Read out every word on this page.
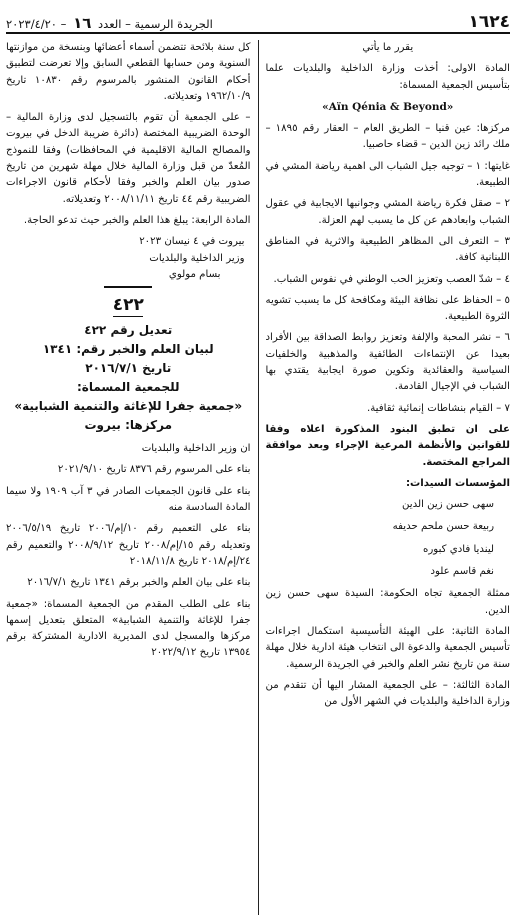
١٦٢٤
الجريدة الرسمية – العدد ١٦ – ٢٠٢٣/٤/٢٠

يقرر ما يأتي

المادة الاولى: أخذت وزارة الداخلية والبلديات علما بتأسيس الجمعية المسماة:

«Aïn Qénia & Beyond»

مركزها: عين قنيا – الطريق العام – العقار رقم ١٨٩٥ – ملك رائد زين الدين – قضاء حاصبيا.

غايتها: ١ – توجيه جيل الشباب الى اهمية رياضة المشي في الطبيعة.

٢ – صقل فكرة رياضة المشي وجوانبها الايجابية في عقول الشباب وابعادهم عن كل ما يسبب لهم العزلة.

٣ – التعرف الى المظاهر الطبيعية والاثرية في المناطق اللبنانية كافة.

٤ – شدّ العصب وتعزيز الحب الوطني في نفوس الشباب.

٥ – الحفاظ على نظافة البيئة ومكافحة كل ما يسبب تشويه الثروة الطبيعية.

٦ – نشر المحبة والإلفة وتعزيز روابط الصداقة بين الأفراد بعيدا عن الإنتماءات الطائفية والمذهبية والخلفيات السياسية والعقائدية وتكوين صورة ايجابية يقتدي بها الشباب في الإجيال القادمة.

٧ – القيام بنشاطات إنمائية ثقافية.

على ان تطبق البنود المذكورة اعلاه وفقا للقوانين والأنظمة المرعية الإجراء وبعد موافقة المراجع المختصة.

المؤسسات السيدات:

سهى حسن زين الدين

ربيعة حسن ملحم حديفه

لينديا فادي كبوره

نغم قاسم علود

ممثلة الجمعية تجاه الحكومة: السيدة سهى حسن زين الدين.

المادة الثانية: على الهيئة التأسيسية استكمال اجراءات تأسيس الجمعية والدعوة الى انتخاب هيئة ادارية خلال مهلة سنة من تاريخ نشر العلم والخبر في الجريدة الرسمية.

المادة الثالثة: – على الجمعية المشار اليها أن تتقدم من وزارة الداخلية والبلديات في الشهر الأول من

كل سنة بلائحة تتضمن أسماء أعضائها وبنسخة من موازنتها السنوية ومن حسابها القطعي السابق وإلا تعرضت لتطبيق أحكام القانون المنشور بالمرسوم رقم ١٠٨٣٠ تاريخ ١٩٦٢/١٠/٩ وتعديلاته.

– على الجمعية أن تقوم بالتسجيل لدى وزارة المالية – الوحدة الضريبية المختصة (دائرة ضريبة الدخل في بيروت والمصالح المالية الاقليمية في المحافظات) وفقا للنموذج المُعدّ من قبل وزارة المالية خلال مهلة شهرين من تاريخ صدور بيان العلم والخبر وفقا لأحكام قانون الاجراءات الضريبية رقم ٤٤ تاريخ ٢٠٠٨/١١/١١ وتعديلاته.

المادة الرابعة: يبلغ هذا العلم والخبر حيث تدعو الحاجة.

بيروت في ٤ نيسان ٢٠٢٣

وزير الداخلية والبلديات

بسام مولوي

٤٢٢

تعديل رقم ٤٢٢

لبيان العلم والخبر رقم: ١٣٤١

تاريخ ٢٠١٦/٧/١

للجمعية المسماة:

«جمعية جفرا للإغاثة والتنمية الشبابية»

مركزها: بيروت

ان وزير الداخلية والبلديات

بناء على المرسوم رقم ٨٣٧٦ تاريخ ٢٠٢١/٩/١٠

بناء على قانون الجمعيات الصادر في ٣ آب ١٩٠٩ ولا سيما المادة السادسة منه

بناء على التعميم رقم ١٠/إم/٢٠٠٦ تاريخ ٢٠٠٦/٥/١٩ وتعديله رقم ١٥/إم/٢٠٠٨ تاريخ ٢٠٠٨/٩/١٢ والتعميم رقم ٢٤/إم/٢٠١٨ تاريخ ٢٠١٨/١١/٨

بناء على بيان العلم والخبر برقم ١٣٤١ تاريخ ٢٠١٦/٧/١

بناء على الطلب المقدم من الجمعية المسماة: «جمعية جفرا للإغاثة والتنمية الشبابية» المتعلق بتعديل إسمها مركزها والمسجل لدى المديرية الادارية المشتركة برقم ١٣٩٥٤ تاريخ ٢٠٢٢/٩/١٢
